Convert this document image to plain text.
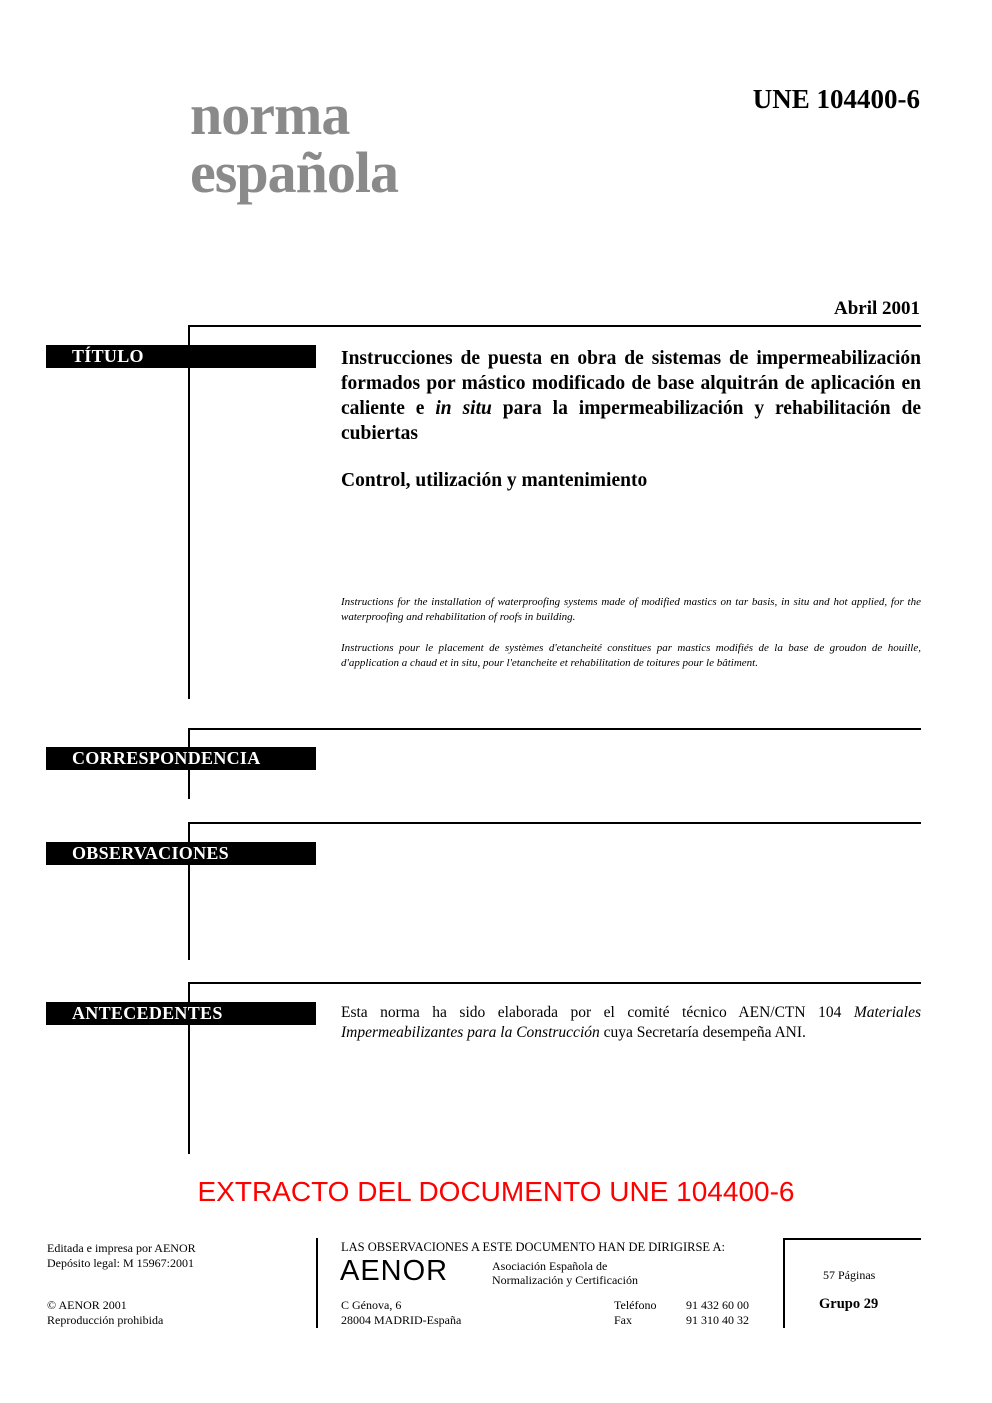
norma
española
UNE 104400-6
Abril 2001
TÍTULO	Instrucciones de puesta en obra de sistemas de impermeabilización formados por mástico modificado de base alquitrán de aplicación en caliente e in situ para la impermeabilización y rehabilitación de cubiertas
Control, utilización y mantenimiento
Instructions for the installation of waterproofing systems made of modified mastics on tar basis, in situ and hot applied, for the waterproofing and rehabilitation of roofs in building.
Instructions pour le placement de systèmes d'etancheité constitues par mastics modifiés de la base de groudon de houille, d'application a chaud et in situ, pour l'etancheite et rehabilitation de toitures pour le bâtiment.
CORRESPONDENCIA
OBSERVACIONES
ANTECEDENTES	Esta norma ha sido elaborada por el comité técnico AEN/CTN 104 Materiales Impermeabilizantes para la Construcción cuya Secretaría desempeña ANI.
EXTRACTO DEL DOCUMENTO UNE 104400-6
Editada e impresa por AENOR
Depósito legal: M 15967:2001
© AENOR 2001
Reproducción prohibida
LAS OBSERVACIONES A ESTE DOCUMENTO HAN DE DIRIGIRSE A:
AENOR	Asociación Española de
Normalización y Certificación
C Génova, 6
28004 MADRID-España
Teléfono 91 432 60 00
Fax	91 310 40 32
57 Páginas
Grupo 29
